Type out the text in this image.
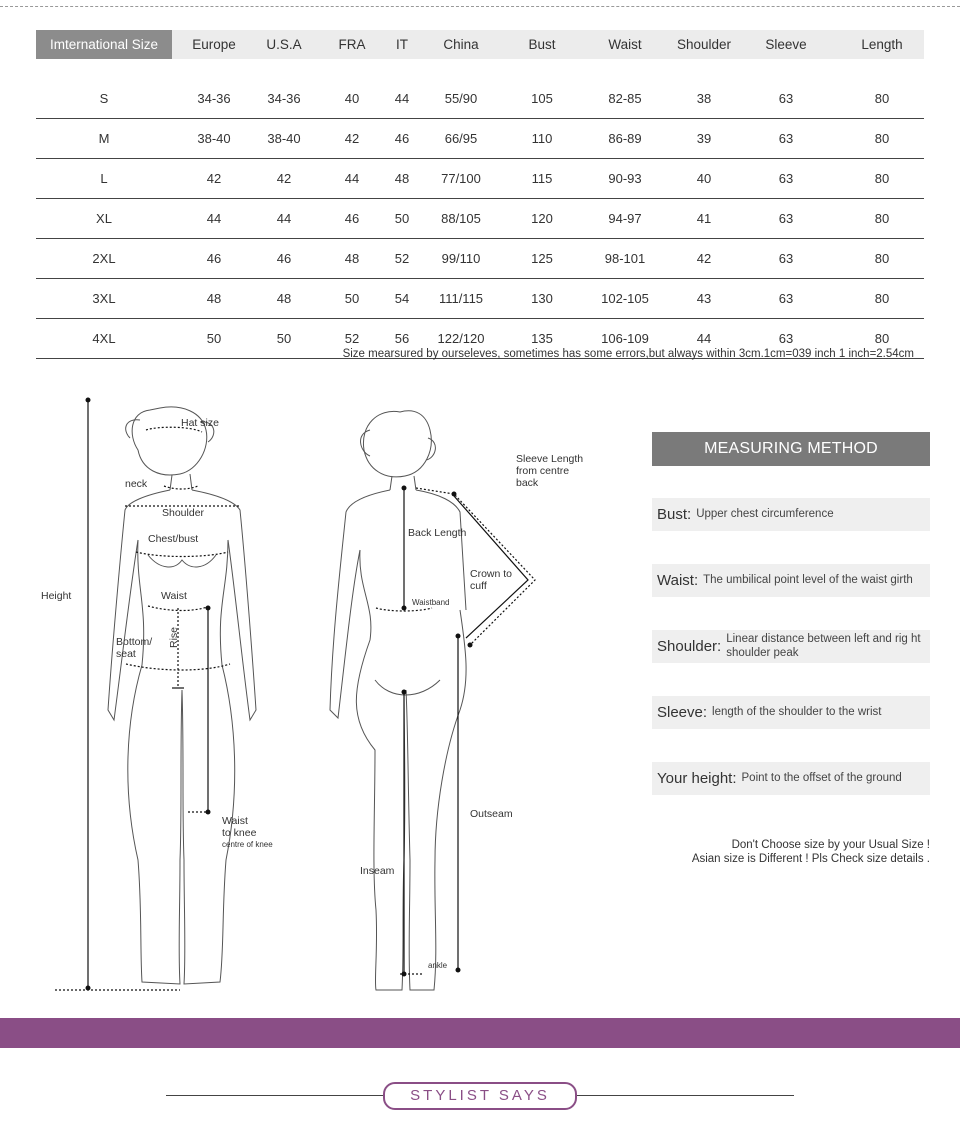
Imternational Size	Europe	U.S.A	FRA	IT	China	Bust	Waist	Shoulder	Sleeve	Length
S	34-36	34-36	40	44	55/90	105	82-85	38	63	80
M	38-40	38-40	42	46	66/95	110	86-89	39	63	80
L	42	42	44	48	77/100	115	90-93	40	63	80
XL	44	44	46	50	88/105	120	94-97	41	63	80
2XL	46	46	48	52	99/110	125	98-101	42	63	80
3XL	48	48	50	54	111/115	130	102-105	43	63	80
4XL	50	50	52	56	122/120	135	106-109	44	63	80
Size mearsured by ourseleves, sometimes has some errors,but always within 3cm.1cm=039 inch 1 inch=2.54cm
Hat size
neck
Shoulder
Chest/bust
Waist
Bottom/
seat
Rise
Height
Waist
to knee
centre of knee
Sleeve Length
from centre
back
Back Length
Crown to
cuff
Waistband
Outseam
Inseam
ankle
MEASURING METHOD
Bust: Upper chest circumference
Waist: The umbilical point level of the waist girth
Shoulder: Linear distance between left and rig ht shoulder peak
Sleeve: length of the shoulder to the wrist
Your height: Point to the offset of the ground
Don't Choose size by your Usual Size !
Asian size is Different ! Pls Check size details .
STYLIST SAYS
